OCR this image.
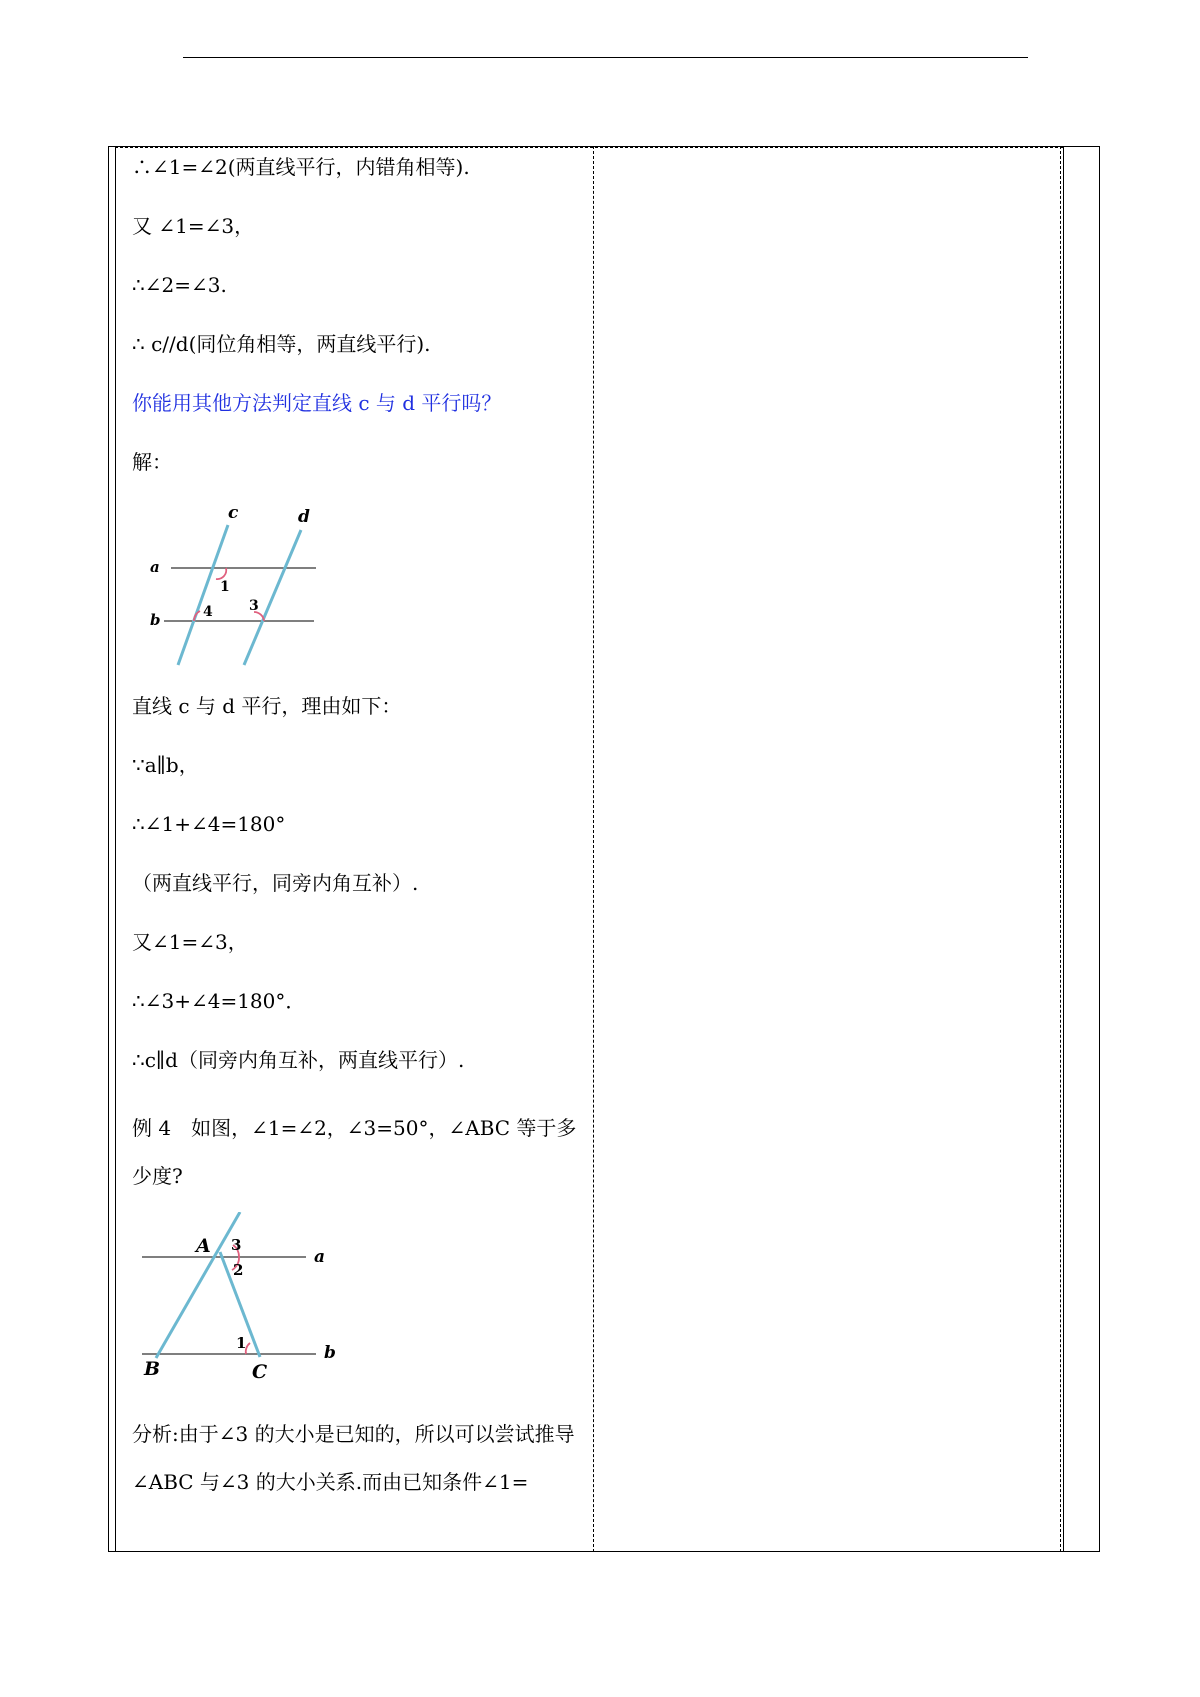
∴∠1=∠2(两直线平行，内错角相等).
又 ∠1=∠3，
∴∠2=∠3.
∴ c//d(同位角相等，两直线平行).
你能用其他方法判定直线 c 与 d 平行吗？
解：
c	d
a
b
1
4	3
直线 c 与 d 平行，理由如下：
∵a∥b，
∴∠1+∠4=180°
（两直线平行，同旁内角互补）.
又∠1=∠3，
∴∠3+∠4=180°．
∴c∥d（同旁内角互补，两直线平行）.
例 4　如图，∠1=∠2，∠3=50°，∠ABC 等于多少度?
A	a
b
B	C
3
2
1
分析:由于∠3 的大小是已知的，所以可以尝试推导∠ABC 与∠3 的大小关系.而由已知条件∠1=
